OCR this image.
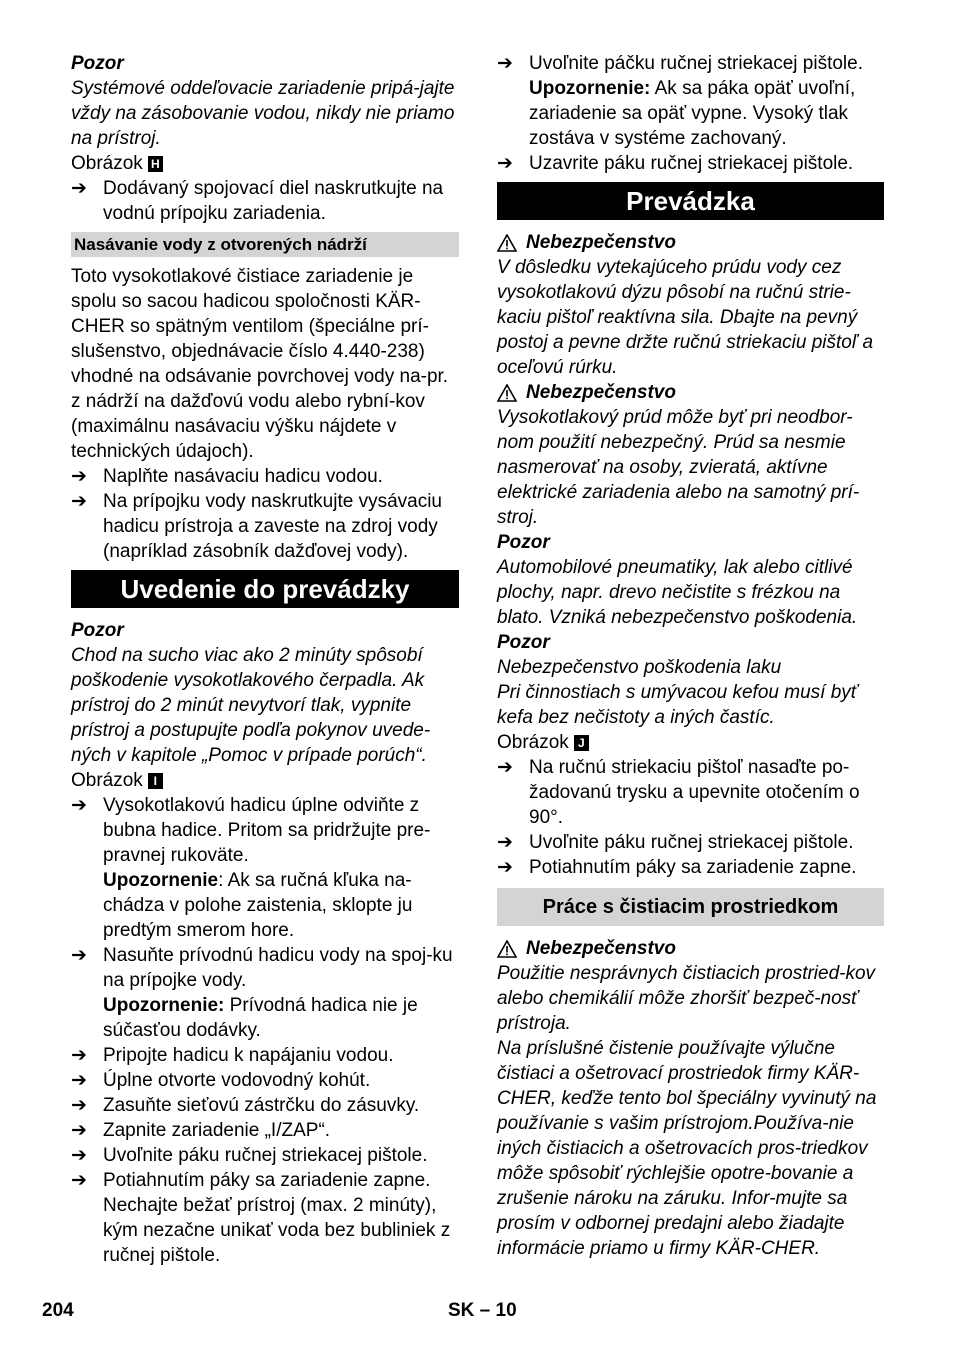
Pozor

Systémové oddeľovacie zariadenie pripá-jajte vždy na zásobovanie vodou, nikdy nie priamo na prístroj.

Obrázok H
➔ Dodávaný spojovací diel naskrutkujte na vodnú prípojku zariadenia.
Nasávanie vody z otvorených nádrží

Toto vysokotlakové čistiace zariadenie je spolu so sacou hadicou spoločnosti KÄR-CHER so spätným ventilom (špeciálne prí-slušenstvo, objednávacie číslo 4.440-238) vhodné na odsávanie povrchovej vody na-pr. z nádrží na dažďovú vodu alebo rybní-kov (maximálnu nasávaciu výšku nájdete v technických údajoch).

➔ Naplňte nasávaciu hadicu vodou.
➔ Na prípojku vody naskrutkujte vysávaciu hadicu prístroja a zaveste na zdroj vody (napríklad zásobník dažďovej vody).
Uvedenie do prevádzky

Pozor

Chod na sucho viac ako 2 minúty spôsobí poškodenie vysokotlakového čerpadla. Ak prístroj do 2 minút nevytvorí tlak, vypnite prístroj a postupujte podľa pokynov uvede-ných v kapitole „Pomoc v prípade porúch“.

Obrázok I
➔ Vysokotlakovú hadicu úplne odviňte z bubna hadice. Pritom sa pridržujte pre-pravnej rukoväte.
Upozornenie: Ak sa ručná kľuka na-chádza v polohe zaistenia, sklopte ju predtým smerom hore.
➔ Nasuňte prívodnú hadicu vody na spoj-ku na prípojke vody.
Upozornenie: Prívodná hadica nie je súčasťou dodávky.
➔ Pripojte hadicu k napájaniu vodou.
➔ Úplne otvorte vodovodný kohút.
➔ Zasuňte sieťovú zástrčku do zásuvky.
➔ Zapnite zariadenie „I/ZAP“.
➔ Uvoľnite páku ručnej striekacej pištole.
➔ Potiahnutím páky sa zariadenie zapne. Nechajte bežať prístroj (max. 2 minúty), kým nezačne unikať voda bez bubliniek z ručnej pištole.
➔ Uvoľnite páčku ručnej striekacej pištole.
Upozornenie: Ak sa páka opäť uvoľní, zariadenie sa opäť vypne. Vysoký tlak zostáva v systéme zachovaný.
➔ Uzavrite páku ručnej striekacej pištole.
Prevádzka
Nebezpečenstvo

V dôsledku vytekajúceho prúdu vody cez vysokotlakovú dýzu pôsobí na ručnú strie-kaciu pištoľ reaktívna sila. Dbajte na pevný postoj a pevne držte ručnú striekaciu pištoľ a oceľovú rúrku.

Nebezpečenstvo

Vysokotlakový prúd môže byť pri neodbor-nom použití nebezpečný. Prúd sa nesmie nasmerovať na osoby, zvieratá, aktívne elektrické zariadenia alebo na samotný prí-stroj.

Pozor

Automobilové pneumatiky, lak alebo citlivé plochy, napr. drevo nečistite s frézkou na blato. Vzniká nebezpečenstvo poškodenia.

Pozor

Nebezpečenstvo poškodenia laku

Pri činnostiach s umývacou kefou musí byť kefa bez nečistoty a iných častíc.

Obrázok J
➔ Na ručnú striekaciu pištoľ nasaďte po-žadovanú trysku a upevnite otočením o 90°.
➔ Uvoľnite páku ručnej striekacej pištole.
➔ Potiahnutím páky sa zariadenie zapne.
Práce s čistiacim prostriedkom
Nebezpečenstvo

Použitie nesprávnych čistiacich prostried-kov alebo chemikálií môže zhoršiť bezpeč-nosť prístroja.

Na príslušné čistenie používajte výlučne čistiaci a ošetrovací prostriedok firmy KÄR-CHER, keďže tento bol špeciálny vyvinutý na používanie s vašim prístrojom.Používa-nie iných čistiacich a ošetrovacích pros-triedkov môže spôsobiť rýchlejšie opotre-bovanie a zrušenie nároku na záruku. Infor-mujte sa prosím v odbornej predajni alebo žiadajte informácie priamo u firmy KÄR-CHER.

204	SK – 10
